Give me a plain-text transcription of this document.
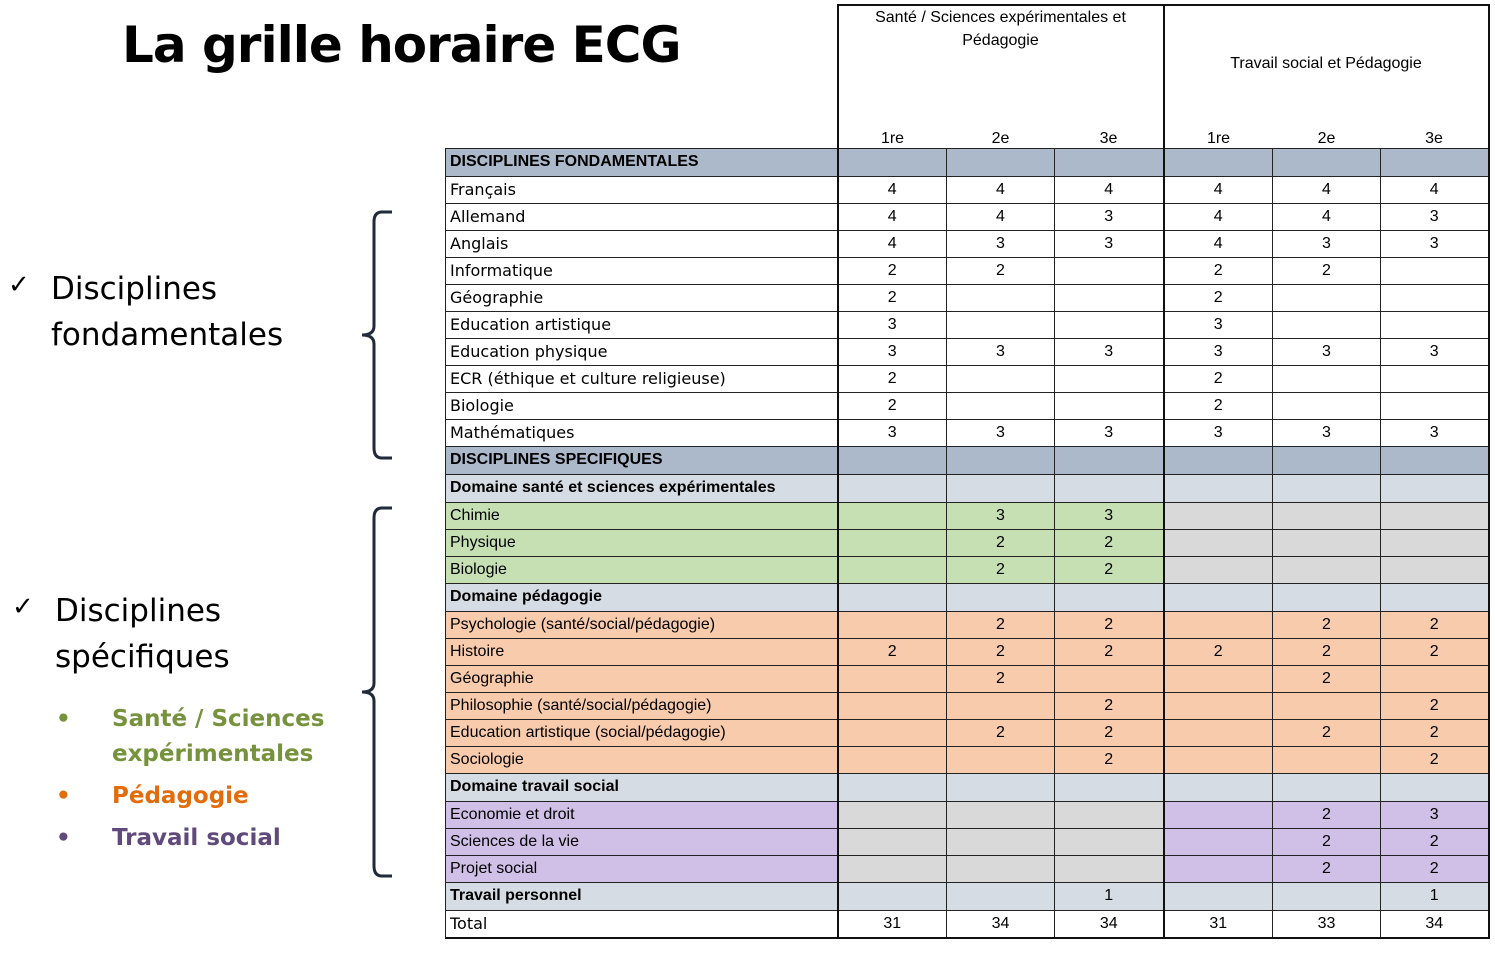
La grille horaire ECG
✓ Disciplines
fondamentales
✓ Disciplines
spécifiques
• Santé / Sciences expérimentales
• Pédagogie
• Travail social
	Santé / Sciences expérimentales et Pédagogie			Travail social et Pédagogie		
	1re	2e	3e	1re	2e	3e
DISCIPLINES FONDAMENTALES						
Français	4	4	4	4	4	4
Allemand	4	4	3	4	4	3
Anglais	4	3	3	4	3	3
Informatique	2	2		2	2	
Géographie	2			2		
Education artistique	3			3		
Education physique	3	3	3	3	3	3
ECR (éthique et culture religieuse)	2			2		
Biologie	2			2		
Mathématiques	3	3	3	3	3	3
DISCIPLINES SPECIFIQUES						
Domaine santé et sciences expérimentales						
Chimie		3	3			
Physique		2	2			
Biologie		2	2			
Domaine pédagogie						
Psychologie (santé/social/pédagogie)		2	2		2	2
Histoire	2	2	2	2	2	2
Géographie		2			2	
Philosophie (santé/social/pédagogie)			2			2
Education artistique (social/pédagogie)		2	2		2	2
Sociologie			2			2
Domaine travail social						
Economie et droit					2	3
Sciences de la vie					2	2
Projet social					2	2
Travail personnel			1			1
Total	31	34	34	31	33	34
